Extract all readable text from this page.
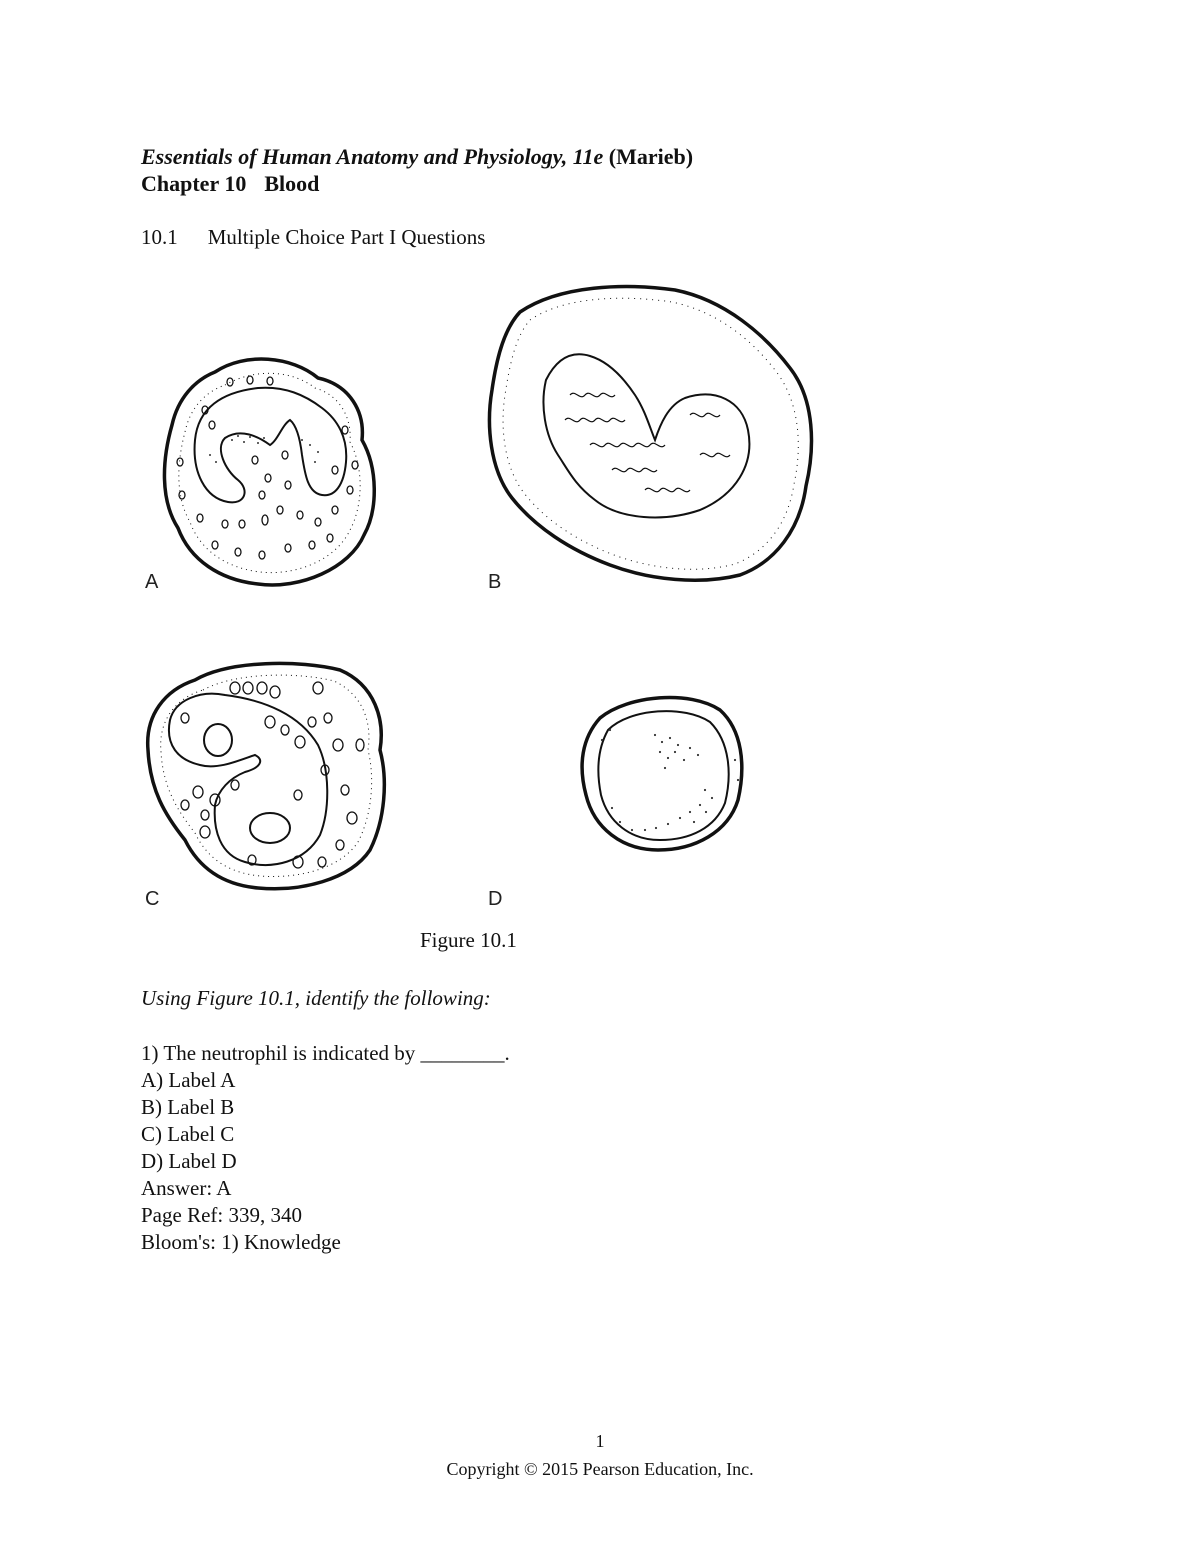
Essentials of Human Anatomy and Physiology, 11e (Marieb)
Chapter 10 Blood
10.1 Multiple Choice Part I Questions
A	B
C	D
Figure 10.1
Using Figure 10.1, identify the following:
1) The neutrophil is indicated by ________.
A) Label A
B) Label B
C) Label C
D) Label D
Answer: A
Page Ref: 339, 340
Bloom's: 1) Knowledge
1
Copyright © 2015 Pearson Education, Inc.
